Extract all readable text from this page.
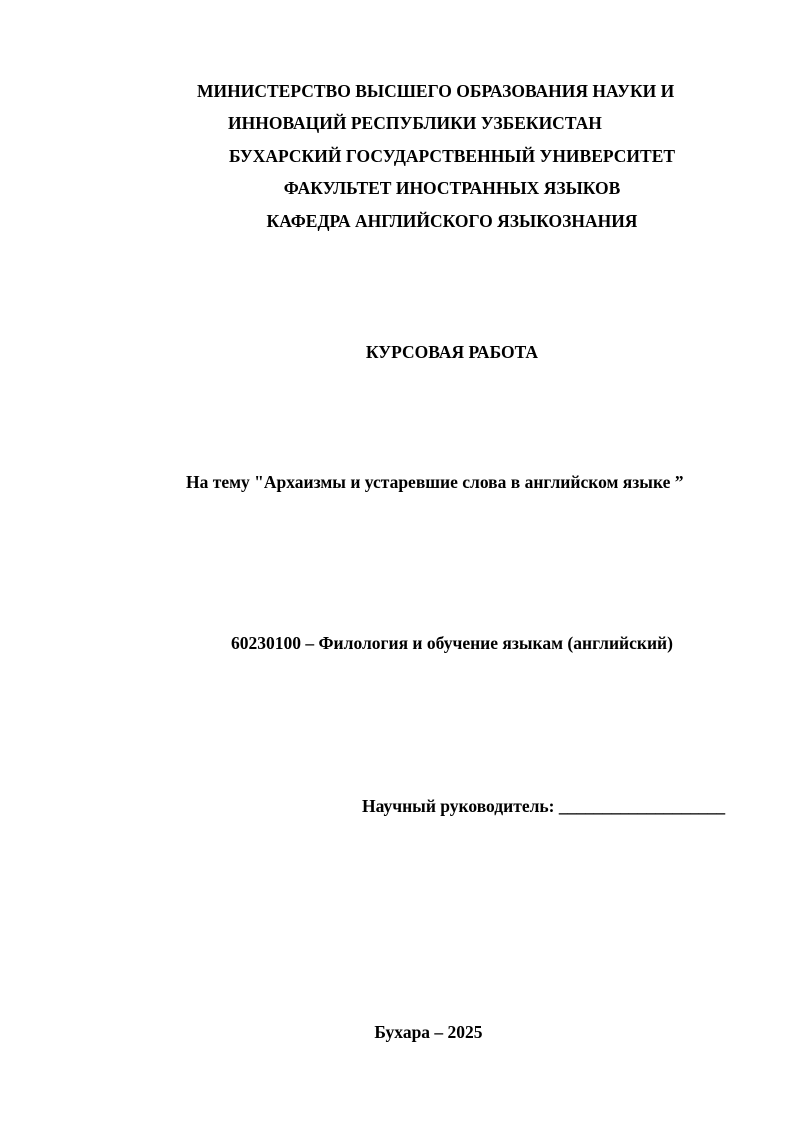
МИНИСТЕРСТВО ВЫСШЕГО ОБРАЗОВАНИЯ НАУКИ И
ИННОВАЦИЙ РЕСПУБЛИКИ УЗБЕКИСТАН
БУХАРСКИЙ ГОСУДАРСТВЕННЫЙ УНИВЕРСИТЕТ
ФАКУЛЬТЕТ ИНОСТРАННЫХ ЯЗЫКОВ
КАФЕДРА АНГЛИЙСКОГО ЯЗЫКОЗНАНИЯ
КУРСОВАЯ РАБОТА
На тему "Архаизмы и устаревшие слова в английском языке ”
60230100 – Филология и обучение языкам (английский)
Научный руководитель: ___________________
Бухара – 2025
